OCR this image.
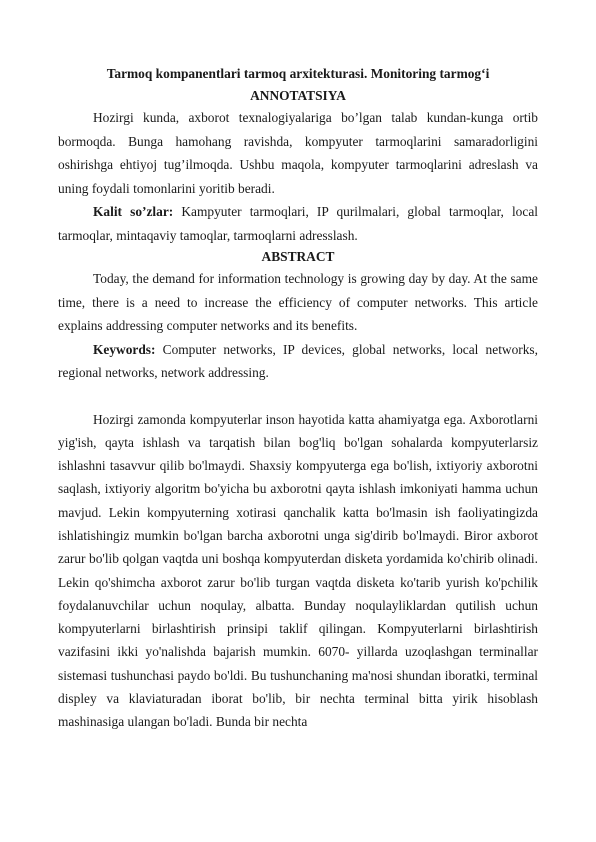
Tarmoq kompanentlari tarmoq arxitekturasi. Monitoring tarmog‘i
ANNOTATSIYA

Hozirgi kunda, axborot texnalogiyalariga bo’lgan talab kundan-kunga ortib bormoqda. Bunga hamohang ravishda, kompyuter tarmoqlarini samaradorligini oshirishga ehtiyoj tug’ilmoqda. Ushbu maqola, kompyuter tarmoqlarini adreslash va uning foydali tomonlarini yoritib beradi.

Kalit so’zlar: Kampyuter tarmoqlari, IP qurilmalari, global tarmoqlar, local tarmoqlar, mintaqaviy tamoqlar, tarmoqlarni adresslash.

ABSTRACT

Today, the demand for information technology is growing day by day. At the same time, there is a need to increase the efficiency of computer networks. This article explains addressing computer networks and its benefits.

Keywords: Computer networks, IP devices, global networks, local networks, regional networks, network addressing.

Hozirgi zamonda kompyuterlar inson hayotida katta ahamiyatga ega. Axborotlarni yig'ish, qayta ishlash va tarqatish bilan bog'liq bo'lgan sohalarda kompyuterlarsiz ishlashni tasavvur qilib bo'lmaydi. Shaxsiy kompyuterga ega bo'lish, ixtiyoriy axborotni saqlash, ixtiyoriy algoritm bo'yicha bu axborotni qayta ishlash imkoniyati hamma uchun mavjud. Lekin kompyuterning xotirasi qanchalik katta bo'lmasin ish faoliyatingizda ishlatishingiz mumkin bo'lgan barcha axborotni unga sig'dirib bo'lmaydi. Biror axborot zarur bo'lib qolgan vaqtda uni boshqa kompyuterdan disketa yordamida ko'chirib olinadi. Lekin qo'shimcha axborot zarur bo'lib turgan vaqtda disketa ko'tarib yurish ko'pchilik foydalanuvchilar uchun noqulay, albatta. Bunday noqulayliklardan qutilish uchun kompyuterlarni birlashtirish prinsipi taklif qilingan. Kompyuterlarni birlashtirish vazifasini ikki yo'nalishda bajarish mumkin. 6070- yillarda uzoqlashgan terminallar sistemasi tushunchasi paydo bo'ldi. Bu tushunchaning ma'nosi shundan iboratki, terminal displey va klaviaturadan iborat bo'lib, bir nechta terminal bitta yirik hisoblash mashinasiga ulangan bo'ladi. Bunda bir nechta
